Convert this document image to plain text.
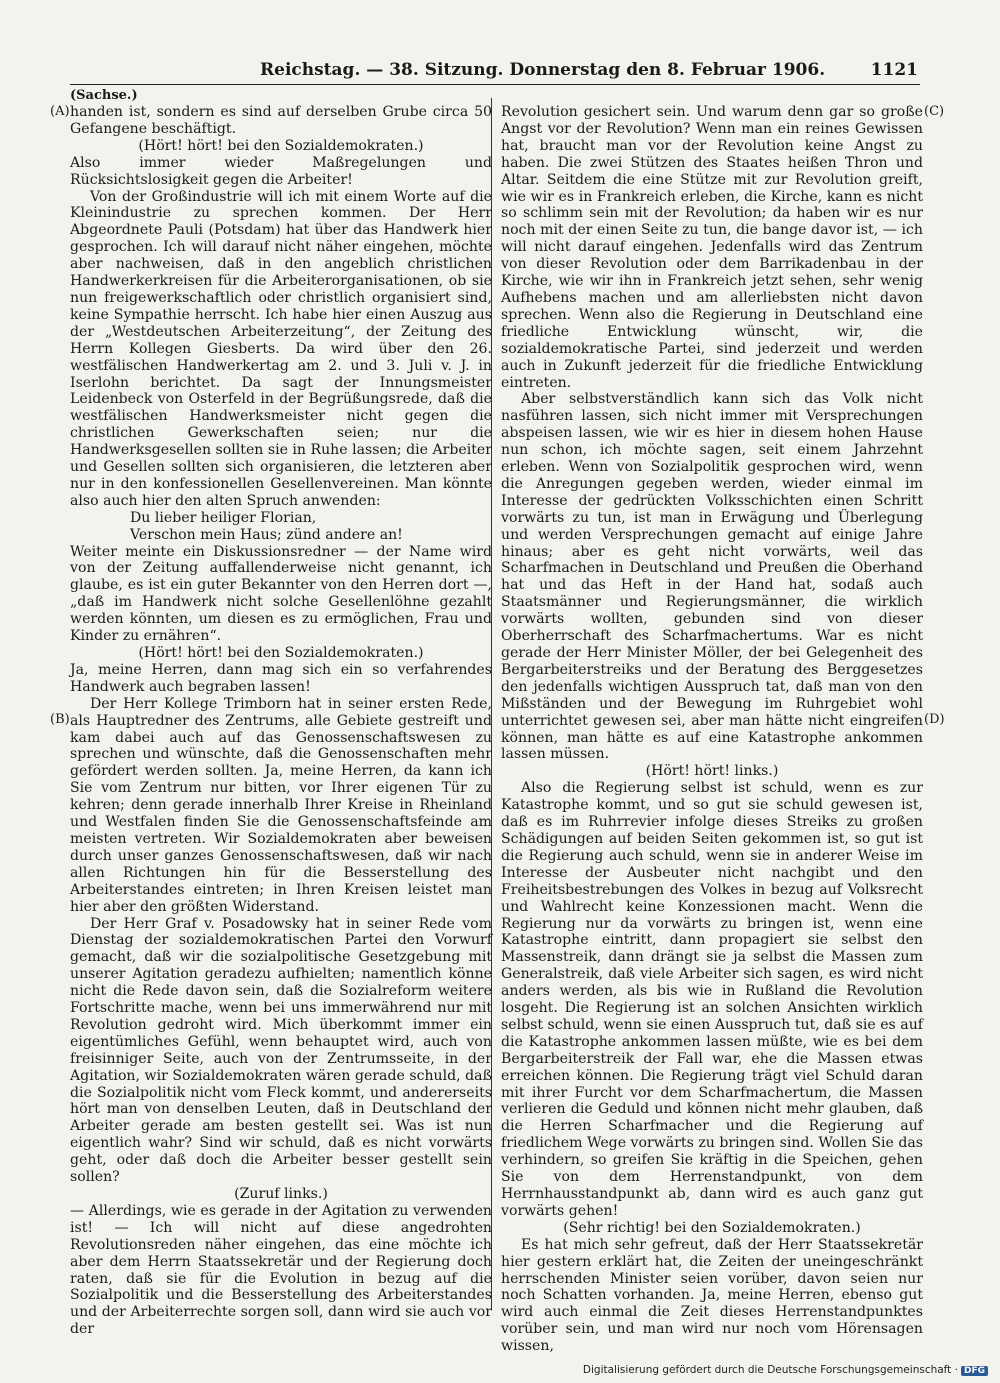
Reichstag. — 38. Sitzung. Donnerstag den 8. Februar 1906.	1121
(Sachse.)
(A)
(B)
(C)
(D)

handen ist, sondern es sind auf derselben Grube circa 50 Gefangene beschäftigt.

(Hört! hört! bei den Sozialdemokraten.)

Also immer wieder Maßregelungen und Rücksichtslosigkeit gegen die Arbeiter!

Von der Großindustrie will ich mit einem Worte auf die Kleinindustrie zu sprechen kommen. Der Herr Abgeordnete Pauli (Potsdam) hat über das Handwerk hier gesprochen. Ich will darauf nicht näher eingehen, möchte aber nachweisen, daß in den angeblich christlichen Handwerkerkreisen für die Arbeiterorganisationen, ob sie nun freigewerkschaftlich oder christlich organisiert sind, keine Sympathie herrscht. Ich habe hier einen Auszug aus der „Westdeutschen Arbeiterzeitung“, der Zeitung des Herrn Kollegen Giesberts. Da wird über den 26. westfälischen Handwerkertag am 2. und 3. Juli v. J. in Iserlohn berichtet. Da sagt der Innungsmeister Leidenbeck von Osterfeld in der Begrüßungsrede, daß die westfälischen Handwerksmeister nicht gegen die christlichen Gewerkschaften seien; nur die Handwerksgesellen sollten sie in Ruhe lassen; die Arbeiter und Gesellen sollten sich organisieren, die letzteren aber nur in den konfessionellen Gesellenvereinen. Man könnte also auch hier den alten Spruch anwenden:

Du lieber heiliger Florian,

Verschon mein Haus; zünd andere an!

Weiter meinte ein Diskussionsredner — der Name wird von der Zeitung auffallenderweise nicht genannt, ich glaube, es ist ein guter Bekannter von den Herren dort —, „daß im Handwerk nicht solche Gesellenlöhne gezahlt werden könnten, um diesen es zu ermöglichen, Frau und Kinder zu ernähren“.

(Hört! hört! bei den Sozialdemokraten.)

Ja, meine Herren, dann mag sich ein so verfahrendes Handwerk auch begraben lassen!

Der Herr Kollege Trimborn hat in seiner ersten Rede, als Hauptredner des Zentrums, alle Gebiete gestreift und kam dabei auch auf das Genossenschaftswesen zu sprechen und wünschte, daß die Genossenschaften mehr gefördert werden sollten. Ja, meine Herren, da kann ich Sie vom Zentrum nur bitten, vor Ihrer eigenen Tür zu kehren; denn gerade innerhalb Ihrer Kreise in Rheinland und Westfalen finden Sie die Genossenschaftsfeinde am meisten vertreten. Wir Sozialdemokraten aber beweisen durch unser ganzes Genossenschaftswesen, daß wir nach allen Richtungen hin für die Besserstellung des Arbeiterstandes eintreten; in Ihren Kreisen leistet man hier aber den größten Widerstand.

Der Herr Graf v. Posadowsky hat in seiner Rede vom Dienstag der sozialdemokratischen Partei den Vorwurf gemacht, daß wir die sozialpolitische Gesetzgebung mit unserer Agitation geradezu aufhielten; namentlich könne nicht die Rede davon sein, daß die Sozialreform weitere Fortschritte mache, wenn bei uns immerwährend nur mit Revolution gedroht wird. Mich überkommt immer ein eigentümliches Gefühl, wenn behauptet wird, auch von freisinniger Seite, auch von der Zentrumsseite, in der Agitation, wir Sozialdemokraten wären gerade schuld, daß die Sozialpolitik nicht vom Fleck kommt, und andererseits hört man von denselben Leuten, daß in Deutschland der Arbeiter gerade am besten gestellt sei. Was ist nun eigentlich wahr? Sind wir schuld, daß es nicht vorwärts geht, oder daß doch die Arbeiter besser gestellt sein sollen?

(Zuruf links.)

— Allerdings, wie es gerade in der Agitation zu verwenden ist! — Ich will nicht auf diese angedrohten Revolutionsreden näher eingehen, das eine möchte ich aber dem Herrn Staatssekretär und der Regierung doch raten, daß sie für die Evolution in bezug auf die Sozialpolitik und die Besserstellung des Arbeiterstandes und der Arbeiterrechte sorgen soll, dann wird sie auch vor der

Revolution gesichert sein. Und warum denn gar so große Angst vor der Revolution? Wenn man ein reines Gewissen hat, braucht man vor der Revolution keine Angst zu haben. Die zwei Stützen des Staates heißen Thron und Altar. Seitdem die eine Stütze mit zur Revolution greift, wie wir es in Frankreich erleben, die Kirche, kann es nicht so schlimm sein mit der Revolution; da haben wir es nur noch mit der einen Seite zu tun, die bange davor ist, — ich will nicht darauf eingehen. Jedenfalls wird das Zentrum von dieser Revolution oder dem Barrikadenbau in der Kirche, wie wir ihn in Frankreich jetzt sehen, sehr wenig Aufhebens machen und am allerliebsten nicht davon sprechen. Wenn also die Regierung in Deutschland eine friedliche Entwicklung wünscht, wir, die sozialdemokratische Partei, sind jederzeit und werden auch in Zukunft jederzeit für die friedliche Entwicklung eintreten.

Aber selbstverständlich kann sich das Volk nicht nasführen lassen, sich nicht immer mit Versprechungen abspeisen lassen, wie wir es hier in diesem hohen Hause nun schon, ich möchte sagen, seit einem Jahrzehnt erleben. Wenn von Sozialpolitik gesprochen wird, wenn die Anregungen gegeben werden, wieder einmal im Interesse der gedrückten Volksschichten einen Schritt vorwärts zu tun, ist man in Erwägung und Überlegung und werden Versprechungen gemacht auf einige Jahre hinaus; aber es geht nicht vorwärts, weil das Scharfmachen in Deutschland und Preußen die Oberhand hat und das Heft in der Hand hat, sodaß auch Staatsmänner und Regierungsmänner, die wirklich vorwärts wollten, gebunden sind von dieser Oberherrschaft des Scharfmachertums. War es nicht gerade der Herr Minister Möller, der bei Gelegenheit des Bergarbeiterstreiks und der Beratung des Berggesetzes den jedenfalls wichtigen Ausspruch tat, daß man von den Mißständen und der Bewegung im Ruhrgebiet wohl unterrichtet gewesen sei, aber man hätte nicht eingreifen können, man hätte es auf eine Katastrophe ankommen lassen müssen.

(Hört! hört! links.)

Also die Regierung selbst ist schuld, wenn es zur Katastrophe kommt, und so gut sie schuld gewesen ist, daß es im Ruhrrevier infolge dieses Streiks zu großen Schädigungen auf beiden Seiten gekommen ist, so gut ist die Regierung auch schuld, wenn sie in anderer Weise im Interesse der Ausbeuter nicht nachgibt und den Freiheitsbestrebungen des Volkes in bezug auf Volksrecht und Wahlrecht keine Konzessionen macht. Wenn die Regierung nur da vorwärts zu bringen ist, wenn eine Katastrophe eintritt, dann propagiert sie selbst den Massenstreik, dann drängt sie ja selbst die Massen zum Generalstreik, daß viele Arbeiter sich sagen, es wird nicht anders werden, als bis wie in Rußland die Revolution losgeht. Die Regierung ist an solchen Ansichten wirklich selbst schuld, wenn sie einen Ausspruch tut, daß sie es auf die Katastrophe ankommen lassen müßte, wie es bei dem Bergarbeiterstreik der Fall war, ehe die Massen etwas erreichen können. Die Regierung trägt viel Schuld daran mit ihrer Furcht vor dem Scharfmachertum, die Massen verlieren die Geduld und können nicht mehr glauben, daß die Herren Scharfmacher und die Regierung auf friedlichem Wege vorwärts zu bringen sind. Wollen Sie das verhindern, so greifen Sie kräftig in die Speichen, gehen Sie von dem Herrenstandpunkt, von dem Herrnhausstandpunkt ab, dann wird es auch ganz gut vorwärts gehen!

(Sehr richtig! bei den Sozialdemokraten.)

Es hat mich sehr gefreut, daß der Herr Staatssekretär hier gestern erklärt hat, die Zeiten der uneingeschränkt herrschenden Minister seien vorüber, davon seien nur noch Schatten vorhanden. Ja, meine Herren, ebenso gut wird auch einmal die Zeit dieses Herrenstandpunktes vorüber sein, und man wird nur noch vom Hörensagen wissen,

Digitalisierung gefördert durch die Deutsche Forschungsgemeinschaft · DFG
